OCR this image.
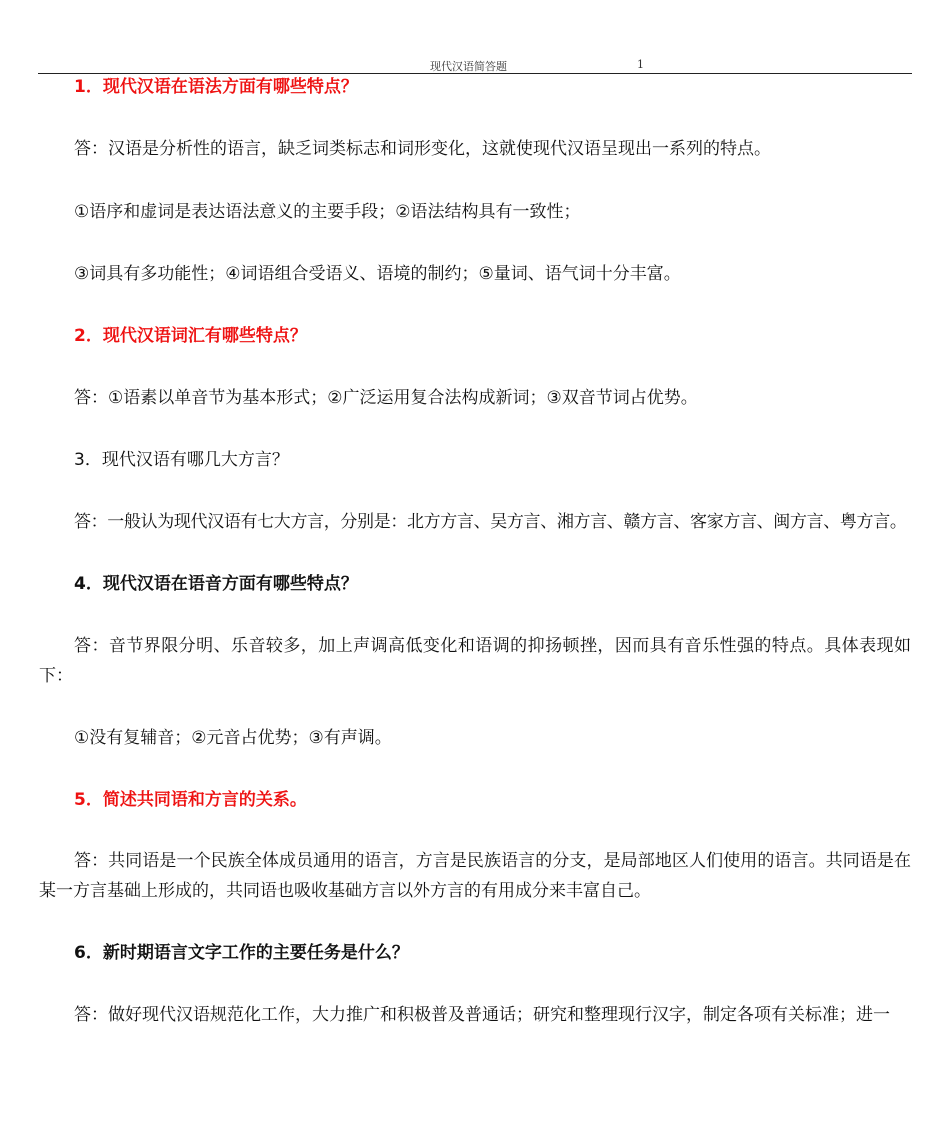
现代汉语简答题	1
1．现代汉语在语法方面有哪些特点？
答：汉语是分析性的语言，缺乏词类标志和词形变化，这就使现代汉语呈现出一系列的特点。
①语序和虚词是表达语法意义的主要手段；②语法结构具有一致性；
③词具有多功能性；④词语组合受语义、语境的制约；⑤量词、语气词十分丰富。
2．现代汉语词汇有哪些特点？
答：①语素以单音节为基本形式；②广泛运用复合法构成新词；③双音节词占优势。
3．现代汉语有哪几大方言？
答：一般认为现代汉语有七大方言，分别是：北方方言、吴方言、湘方言、赣方言、客家方言、闽方言、粤方言。
4．现代汉语在语音方面有哪些特点？
答：音节界限分明、乐音较多，加上声调高低变化和语调的抑扬顿挫，因而具有音乐性强的特点。具体表现如下：
①没有复辅音；②元音占优势；③有声调。
5．简述共同语和方言的关系。
答：共同语是一个民族全体成员通用的语言，方言是民族语言的分支，是局部地区人们使用的语言。共同语是在某一方言基础上形成的，共同语也吸收基础方言以外方言的有用成分来丰富自己。
6．新时期语言文字工作的主要任务是什么？
答：做好现代汉语规范化工作，大力推广和积极普及普通话；研究和整理现行汉字，制定各项有关标准；进一
